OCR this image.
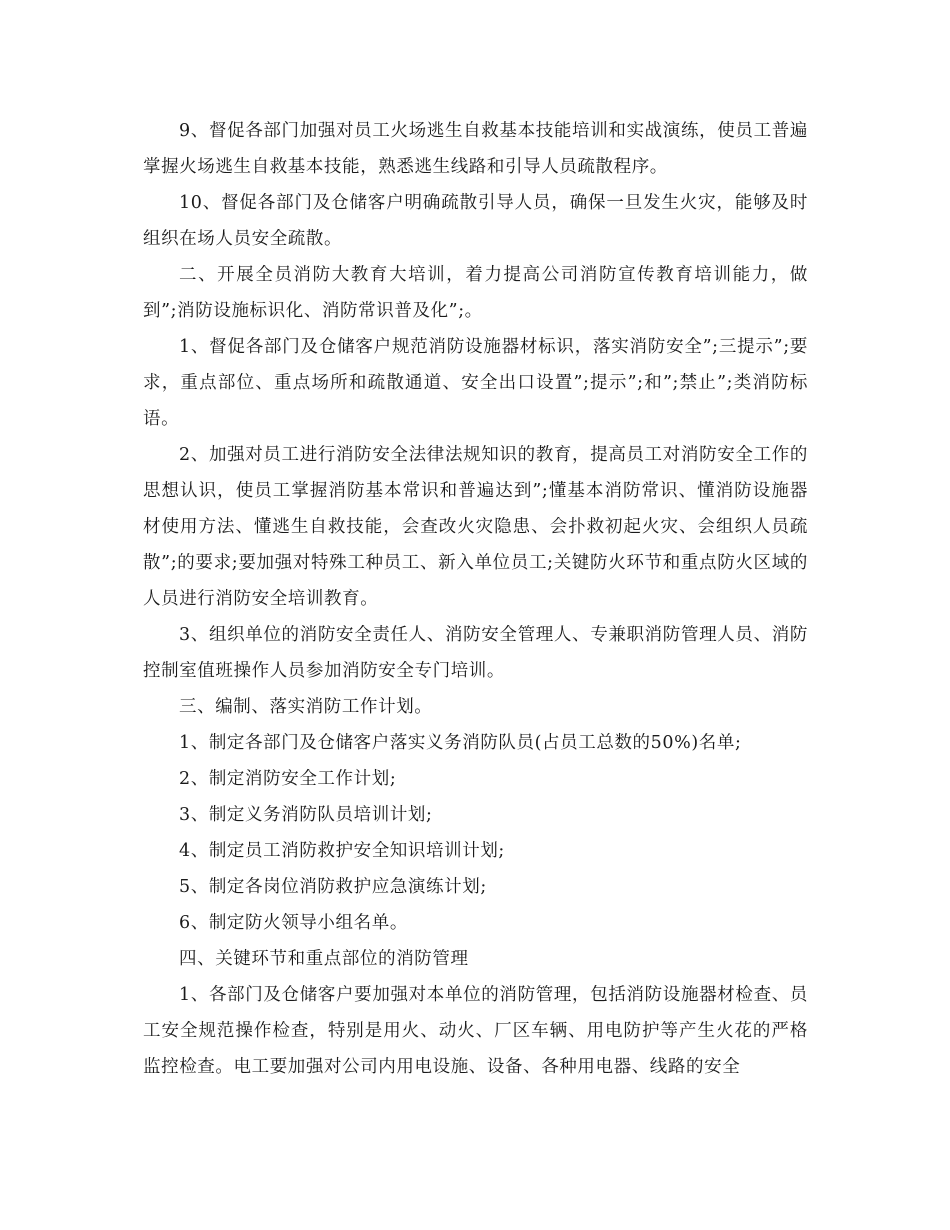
9、督促各部门加强对员工火场逃生自救基本技能培训和实战演练，使员工普遍掌握火场逃生自救基本技能，熟悉逃生线路和引导人员疏散程序。

10、督促各部门及仓储客户明确疏散引导人员，确保一旦发生火灾，能够及时组织在场人员安全疏散。

二、开展全员消防大教育大培训，着力提高公司消防宣传教育培训能力，做到”;消防设施标识化、消防常识普及化”;。

1、督促各部门及仓储客户规范消防设施器材标识，落实消防安全”;三提示”;要求，重点部位、重点场所和疏散通道、安全出口设置”;提示”;和”;禁止”;类消防标语。

2、加强对员工进行消防安全法律法规知识的教育，提高员工对消防安全工作的思想认识，使员工掌握消防基本常识和普遍达到”;懂基本消防常识、懂消防设施器材使用方法、懂逃生自救技能，会查改火灾隐患、会扑救初起火灾、会组织人员疏散”;的要求;要加强对特殊工种员工、新入单位员工;关键防火环节和重点防火区域的人员进行消防安全培训教育。

3、组织单位的消防安全责任人、消防安全管理人、专兼职消防管理人员、消防控制室值班操作人员参加消防安全专门培训。

三、编制、落实消防工作计划。

1、制定各部门及仓储客户落实义务消防队员(占员工总数的50%)名单;

2、制定消防安全工作计划;

3、制定义务消防队员培训计划;

4、制定员工消防救护安全知识培训计划;

5、制定各岗位消防救护应急演练计划;

6、制定防火领导小组名单。

四、关键环节和重点部位的消防管理

1、各部门及仓储客户要加强对本单位的消防管理，包括消防设施器材检查、员工安全规范操作检查，特别是用火、动火、厂区车辆、用电防护等产生火花的严格监控检查。电工要加强对公司内用电设施、设备、各种用电器、线路的安全
